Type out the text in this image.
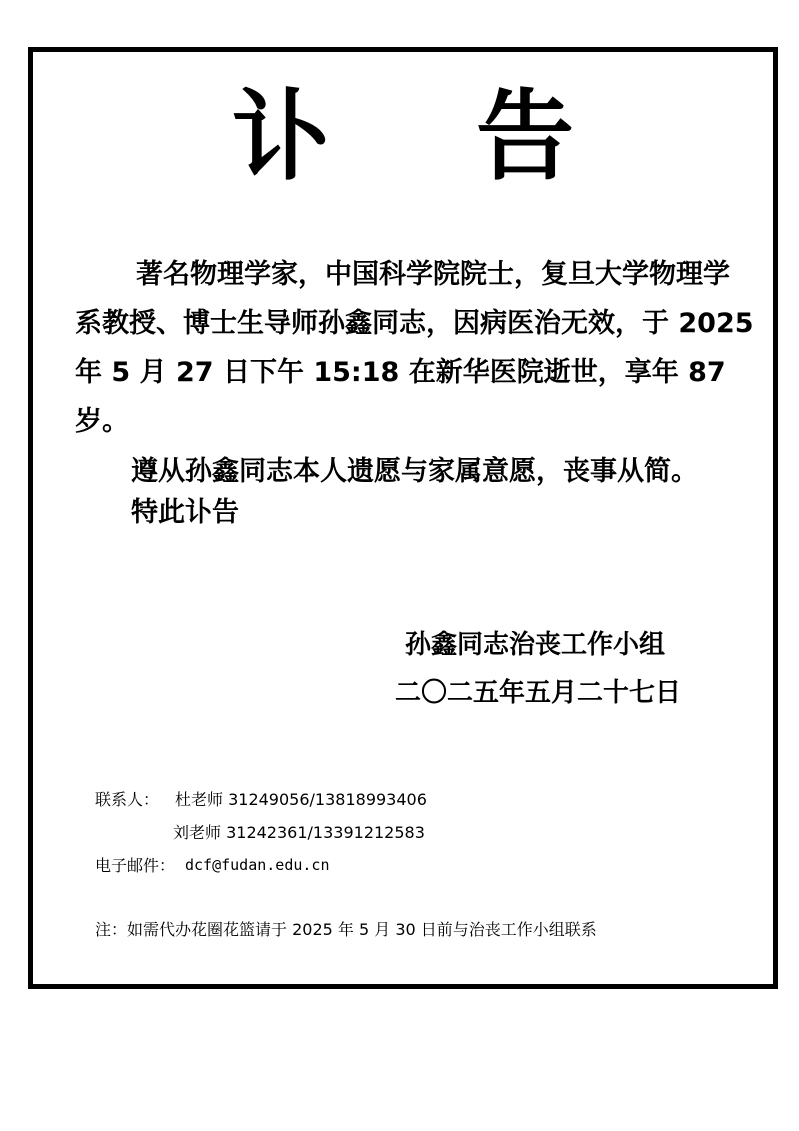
讣 告
著名物理学家，中国科学院院士，复旦大学物理学系教授、博士生导师孙鑫同志，因病医治无效，于 2025 年 5 月 27 日下午 15:18 在新华医院逝世，享年 87 岁。
遵从孙鑫同志本人遗愿与家属意愿，丧事从简。
特此讣告
孙鑫同志治丧工作小组
二〇二五年五月二十七日
联系人： 杜老师 31249056/13818993406
刘老师 31242361/13391212583
电子邮件： dcf@fudan.edu.cn
注：如需代办花圈花篮请于 2025 年 5 月 30 日前与治丧工作小组联系
